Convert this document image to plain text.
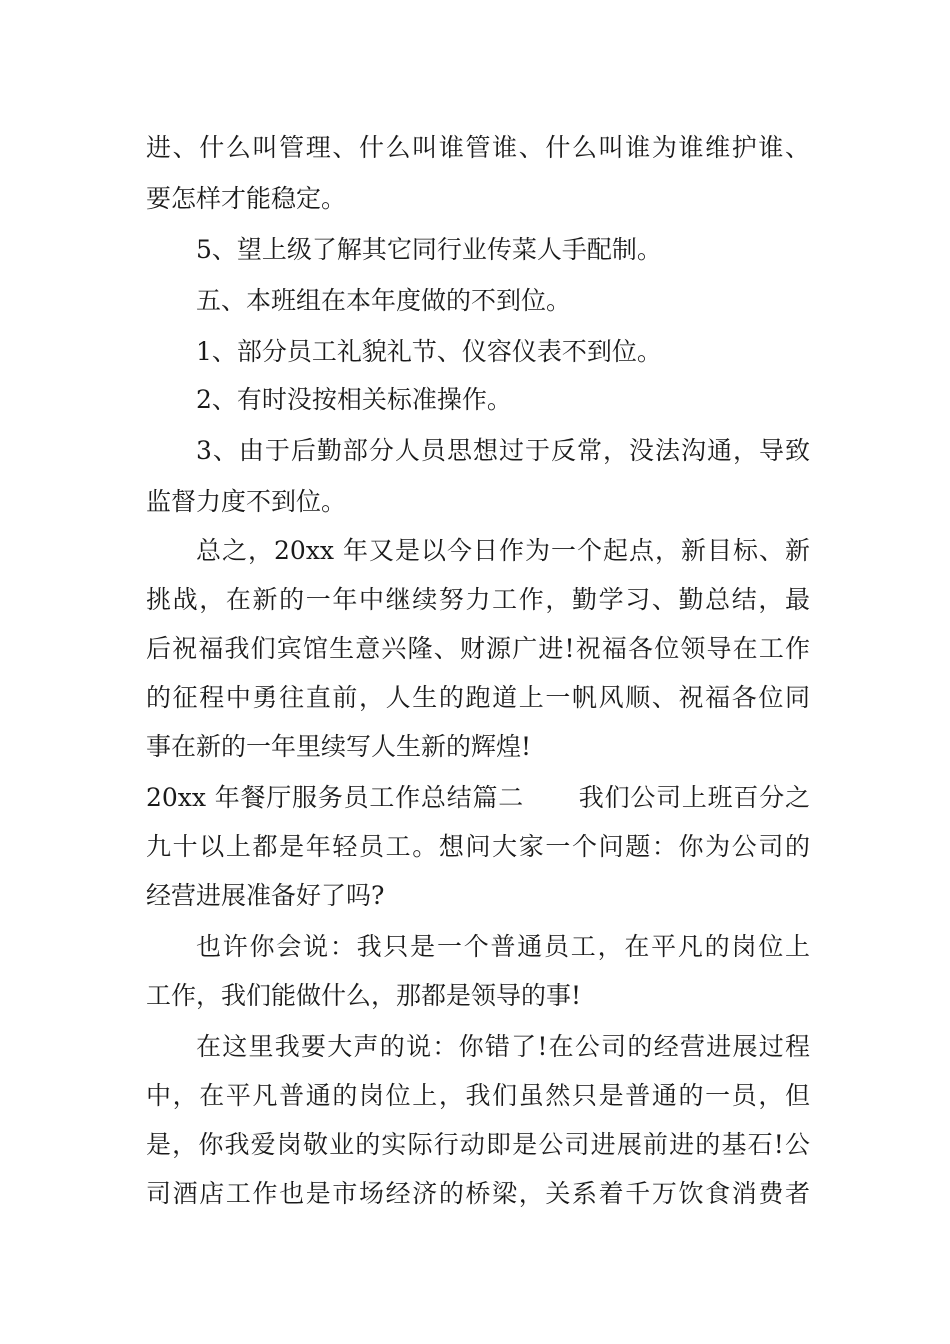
进、什么叫管理、什么叫谁管谁、什么叫谁为谁维护谁、
要怎样才能稳定。
5、望上级了解其它同行业传菜人手配制。
五、本班组在本年度做的不到位。
1、部分员工礼貌礼节、仪容仪表不到位。
2、有时没按相关标准操作。
3、由于后勤部分人员思想过于反常，没法沟通，导致
监督力度不到位。
总之，20xx 年又是以今日作为一个起点，新目标、新
挑战，在新的一年中继续努力工作，勤学习、勤总结，最
后祝福我们宾馆生意兴隆、财源广进!祝福各位领导在工作
的征程中勇往直前，人生的跑道上一帆风顺、祝福各位同
事在新的一年里续写人生新的辉煌!
20xx 年餐厅服务员工作总结篇二 我们公司上班百分之
九十以上都是年轻员工。想问大家一个问题：你为公司的
经营进展准备好了吗?
也许你会说：我只是一个普通员工，在平凡的岗位上
工作，我们能做什么，那都是领导的事!
在这里我要大声的说：你错了!在公司的经营进展过程
中，在平凡普通的岗位上，我们虽然只是普通的一员，但
是，你我爱岗敬业的实际行动即是公司进展前进的基石!公
司酒店工作也是市场经济的桥梁，关系着千万饮食消费者
